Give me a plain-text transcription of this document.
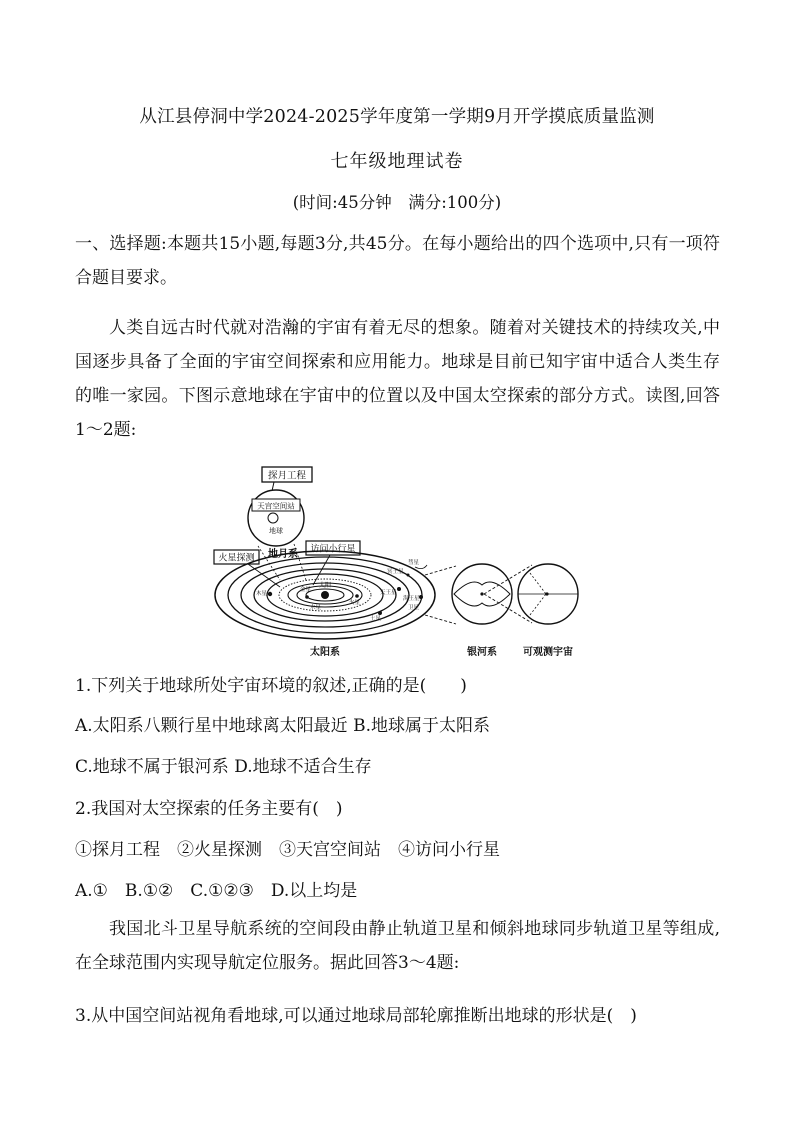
从江县停洞中学2024-2025学年度第一学期9月开学摸底质量监测
七年级地理试卷
(时间:45分钟　满分:100分)

一、选择题:本题共15小题,每题3分,共45分。在每小题给出的四个选项中,只有一项符合题目要求。

人类自远古时代就对浩瀚的宇宙有着无尽的想象。随着对关键技术的持续攻关,中国逐步具备了全面的宇宙空间探索和应用能力。地球是目前已知宇宙中适合人类生存的唯一家园。下图示意地球在宇宙中的位置以及中国太空探索的部分方式。读图,回答1～2题:

探月工程
天宫空间站
地球
地月系
火星探测
访问小行星
太阳
金星
水星
火星
木星
土星
天王星
海王星
冥王星
彗星
卫星
太阳系	银河系	可观测宇宙
1.下列关于地球所处宇宙环境的叙述,正确的是(　　)
A.太阳系八颗行星中地球离太阳最近 B.地球属于太阳系
C.地球不属于银河系 D.地球不适合生存
2.我国对太空探索的任务主要有(　)
①探月工程　②火星探测　③天宫空间站　④访问小行星
A.①　B.①②　C.①②③　D.以上均是

我国北斗卫星导航系统的空间段由静止轨道卫星和倾斜地球同步轨道卫星等组成,在全球范围内实现导航定位服务。据此回答3～4题:

3.从中国空间站视角看地球,可以通过地球局部轮廓推断出地球的形状是(　)
